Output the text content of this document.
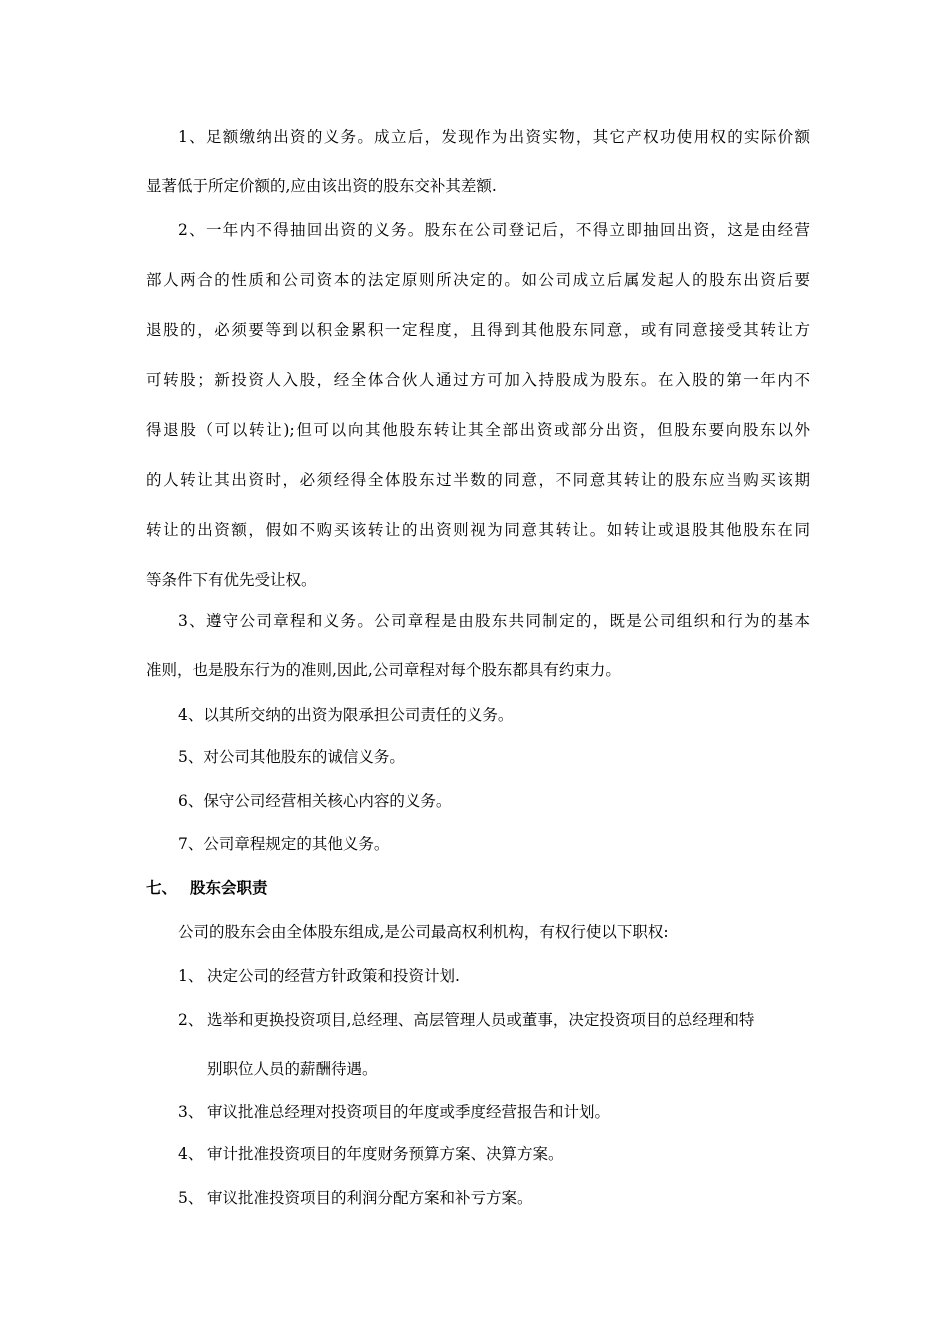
1、足额缴纳出资的义务。成立后，发现作为出资实物，其它产权功使用权的实际价额
显著低于所定价额的,应由该出资的股东交补其差额.
2、一年内不得抽回出资的义务。股东在公司登记后，不得立即抽回出资，这是由经营
部人两合的性质和公司资本的法定原则所决定的。如公司成立后属发起人的股东出资后要
退股的，必须要等到以积金累积一定程度，且得到其他股东同意，或有同意接受其转让方
可转股；新投资人入股，经全体合伙人通过方可加入持股成为股东。在入股的第一年内不
得退股（可以转让);但可以向其他股东转让其全部出资或部分出资，但股东要向股东以外
的人转让其出资时，必须经得全体股东过半数的同意，不同意其转让的股东应当购买该期
转让的出资额，假如不购买该转让的出资则视为同意其转让。如转让或退股其他股东在同
等条件下有优先受让权。
3、遵守公司章程和义务。公司章程是由股东共同制定的，既是公司组织和行为的基本
准则，也是股东行为的准则,因此,公司章程对每个股东都具有约束力。
4、以其所交纳的出资为限承担公司责任的义务。
5、对公司其他股东的诚信义务。
6、保守公司经营相关核心内容的义务。
7、公司章程规定的其他义务。
七、 股东会职责
公司的股东会由全体股东组成,是公司最高权利机构，有权行使以下职权:
1、 决定公司的经营方针政策和投资计划.
2、 选举和更换投资项目,总经理、高层管理人员或董事，决定投资项目的总经理和特
别职位人员的薪酬待遇。
3、 审议批准总经理对投资项目的年度或季度经营报告和计划。
4、 审计批准投资项目的年度财务预算方案、决算方案。
5、 审议批准投资项目的利润分配方案和补亏方案。
